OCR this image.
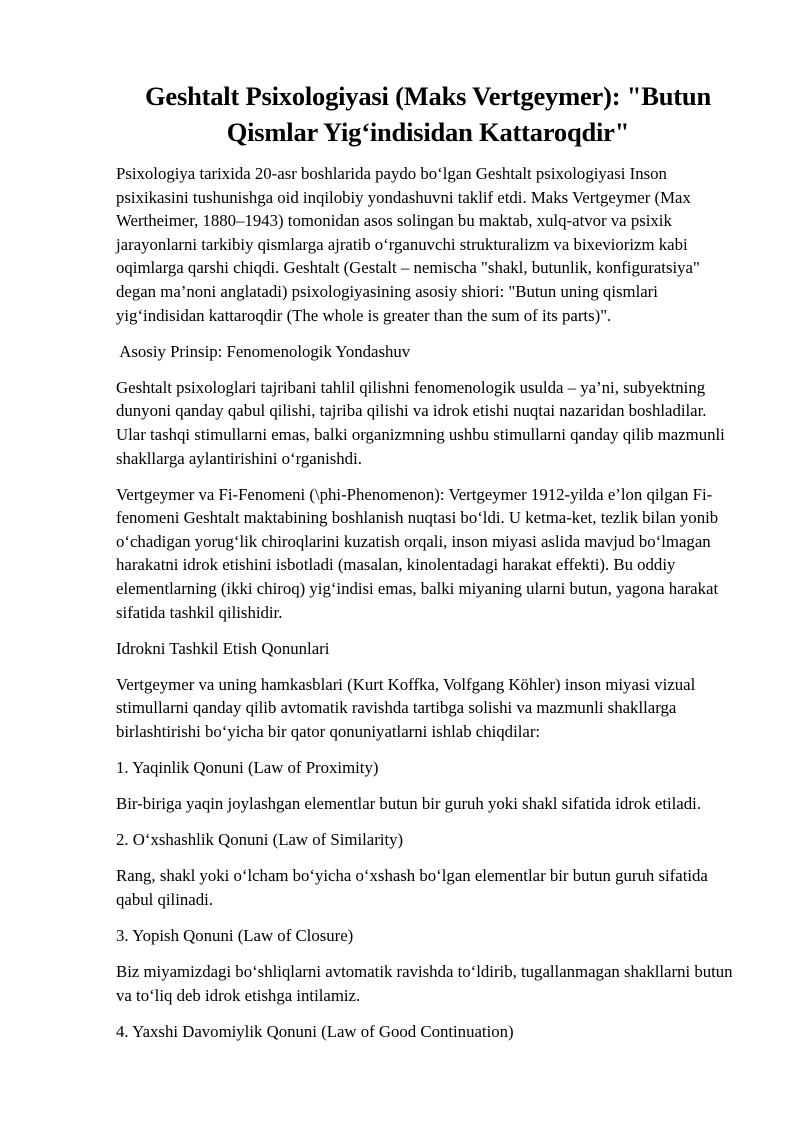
Geshtalt Psixologiyasi (Maks Vertgeymer): "Butun Qismlar Yig‘indisidan Kattaroqdir"

Psixologiya tarixida 20-asr boshlarida paydo bo‘lgan Geshtalt psixologiyasi Inson psixikasini tushunishga oid inqilobiy yondashuvni taklif etdi. Maks Vertgeymer (Max Wertheimer, 1880–1943) tomonidan asos solingan bu maktab, xulq-atvor va psixik jarayonlarni tarkibiy qismlarga ajratib o‘rganuvchi strukturalizm va bixeviorizm kabi oqimlarga qarshi chiqdi. Geshtalt (Gestalt – nemischa "shakl, butunlik, konfiguratsiya" degan ma’noni anglatadi) psixologiyasining asosiy shiori: "Butun uning qismlari yig‘indisidan kattaroqdir (The whole is greater than the sum of its parts)".

Asosiy Prinsip: Fenomenologik Yondashuv

Geshtalt psixologlari tajribani tahlil qilishni fenomenologik usulda – ya’ni, subyektning dunyoni qanday qabul qilishi, tajriba qilishi va idrok etishi nuqtai nazaridan boshladilar. Ular tashqi stimullarni emas, balki organizmning ushbu stimullarni qanday qilib mazmunli shakllarga aylantirishini o‘rganishdi.

Vertgeymer va Fi-Fenomeni (\phi-Phenomenon): Vertgeymer 1912-yilda e’lon qilgan Fi-fenomeni Geshtalt maktabining boshlanish nuqtasi bo‘ldi. U ketma-ket, tezlik bilan yonib o‘chadigan yorug‘lik chiroqlarini kuzatish orqali, inson miyasi aslida mavjud bo‘lmagan harakatni idrok etishini isbotladi (masalan, kinolentadagi harakat effekti). Bu oddiy elementlarning (ikki chiroq) yig‘indisi emas, balki miyaning ularni butun, yagona harakat sifatida tashkil qilishidir.

Idrokni Tashkil Etish Qonunlari

Vertgeymer va uning hamkasblari (Kurt Koffka, Volfgang Köhler) inson miyasi vizual stimullarni qanday qilib avtomatik ravishda tartibga solishi va mazmunli shakllarga birlashtirishi bo‘yicha bir qator qonuniyatlarni ishlab chiqdilar:

1. Yaqinlik Qonuni (Law of Proximity)

Bir-biriga yaqin joylashgan elementlar butun bir guruh yoki shakl sifatida idrok etiladi.

2. O‘xshashlik Qonuni (Law of Similarity)

Rang, shakl yoki o‘lcham bo‘yicha o‘xshash bo‘lgan elementlar bir butun guruh sifatida qabul qilinadi.

3. Yopish Qonuni (Law of Closure)

Biz miyamizdagi bo‘shliqlarni avtomatik ravishda to‘ldirib, tugallanmagan shakllarni butun va to‘liq deb idrok etishga intilamiz.

4. Yaxshi Davomiylik Qonuni (Law of Good Continuation)
